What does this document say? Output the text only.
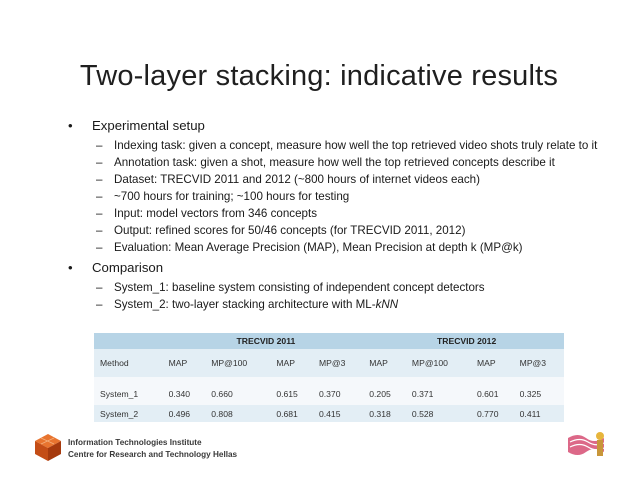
Two-layer stacking: indicative results
• Experimental setup
– Indexing task: given a concept, measure how well the top retrieved video shots truly relate to it
– Annotation task: given a shot, measure how well the top retrieved concepts describe it
– Dataset: TRECVID 2011 and 2012 (~800 hours of internet videos each)
– ~700 hours for training; ~100 hours for testing
– Input: model vectors from 346 concepts
– Output: refined scores for 50/46 concepts (for TRECVID 2011, 2012)
– Evaluation: Mean Average Precision (MAP), Mean Precision at depth k (MP@k)
• Comparison
– System_1: baseline system consisting of independent concept detectors
– System_2: two-layer stacking architecture with ML-kNN
	TRECVID 2011				TRECVID 2012			
Method	MAP	MP@100	MAP	MP@3	MAP	MP@100	MAP	MP@3
System_1	0.340	0.660	0.615	0.370	0.205	0.371	0.601	0.325
System_2	0.496	0.808	0.681	0.415	0.318	0.528	0.770	0.411
Information Technologies Institute
Centre for Research and Technology Hellas
